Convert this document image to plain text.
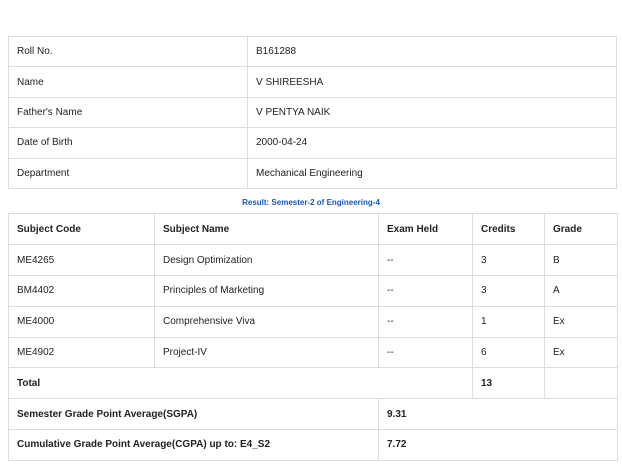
Roll No.	B161288
Name	V SHIREESHA
Father's Name	V PENTYA NAIK
Date of Birth	2000-04-24
Department	Mechanical Engineering
Result: Semester-2 of Engineering-4
Subject Code	Subject Name	Exam Held	Credits	Grade
ME4265	Design Optimization	--	3	B
BM4402	Principles of Marketing	--	3	A
ME4000	Comprehensive Viva	--	1	Ex
ME4902	Project-IV	--	6	Ex
Total			13	
Semester Grade Point Average(SGPA)		9.31		
Cumulative Grade Point Average(CGPA) up to: E4_S2		7.72		
